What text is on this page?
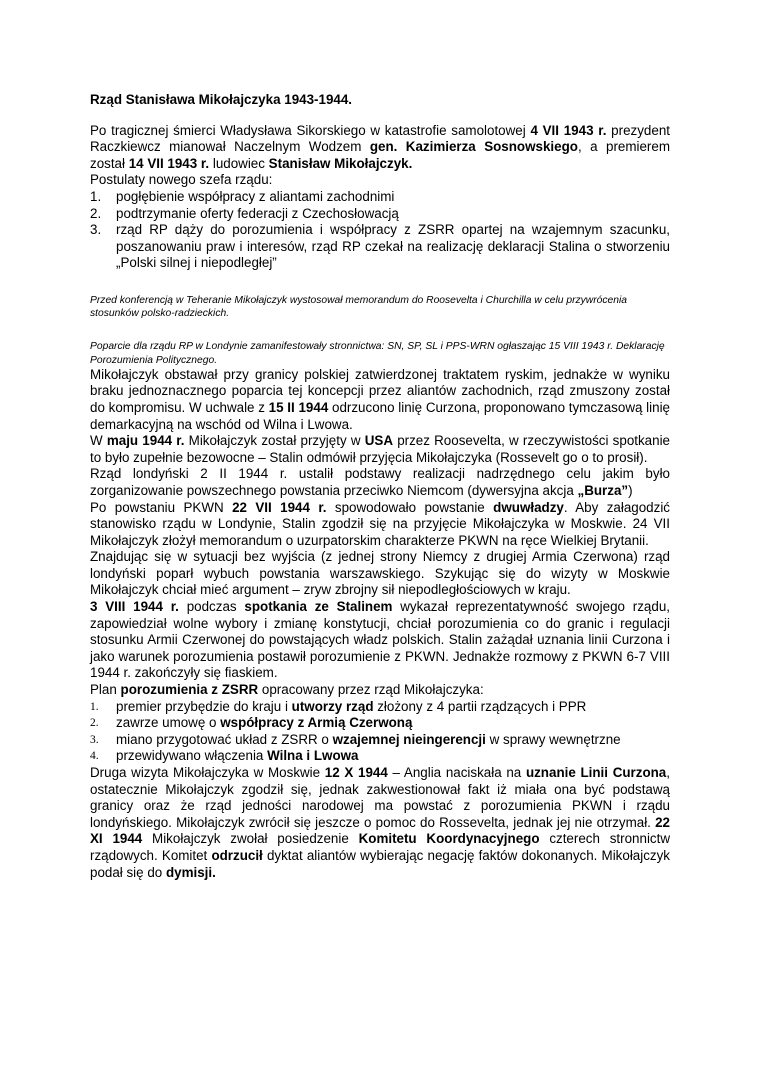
Rząd Stanisława Mikołajczyka 1943-1944.

Po tragicznej śmierci Władysława Sikorskiego w katastrofie samolotowej 4 VII 1943 r. prezydent Raczkiewcz mianował Naczelnym Wodzem gen. Kazimierza Sosnowskiego, a premierem został 14 VII 1943 r. ludowiec Stanisław Mikołajczyk.

Postulaty nowego szefa rządu:

1.	pogłębienie współpracy z aliantami zachodnimi
2.	podtrzymanie oferty federacji z Czechosłowacją
3.	rząd RP dąży do porozumienia i współpracy z ZSRR opartej na wzajemnym szacunku, poszanowaniu praw i interesów, rząd RP czekał na realizację deklaracji Stalina o stworzeniu „Polski silnej i niepodległej”

Przed konferencją w Teheranie Mikołajczyk wystosował memorandum do Roosevelta i Churchilla w celu przywrócenia stosunków polsko-radzieckich.

Poparcie dla rządu RP w Londynie zamanifestowały stronnictwa: SN, SP, SL i PPS-WRN ogłaszając 15 VIII 1943 r. Deklarację Porozumienia Politycznego.

Mikołajczyk obstawał przy granicy polskiej zatwierdzonej traktatem ryskim, jednakże w wyniku braku jednoznacznego poparcia tej koncepcji przez aliantów zachodnich, rząd zmuszony został do kompromisu. W uchwale z 15 II 1944 odrzucono linię Curzona, proponowano tymczasową linię demarkacyjną na wschód od Wilna i Lwowa.

W maju 1944 r. Mikołajczyk został przyjęty w USA przez Roosevelta, w rzeczywistości spotkanie to było zupełnie bezowocne – Stalin odmówił przyjęcia Mikołajczyka (Rossevelt go o to prosił).

Rząd londyński 2 II 1944 r. ustalił podstawy realizacji nadrzędnego celu jakim było zorganizowanie powszechnego powstania przeciwko Niemcom (dywersyjna akcja „Burza”)

Po powstaniu PKWN 22 VII 1944 r. spowodowało powstanie dwuwładzy. Aby załagodzić stanowisko rządu w Londynie, Stalin zgodził się na przyjęcie Mikołajczyka w Moskwie. 24 VII Mikołajczyk złożył memorandum o uzurpatorskim charakterze PKWN na ręce Wielkiej Brytanii.

Znajdując się w sytuacji bez wyjścia (z jednej strony Niemcy z drugiej Armia Czerwona) rząd londyński poparł wybuch powstania warszawskiego. Szykując się do wizyty w Moskwie Mikołajczyk chciał mieć argument – zryw zbrojny sił niepodległościowych w kraju.

3 VIII 1944 r. podczas spotkania ze Stalinem wykazał reprezentatywność swojego rządu, zapowiedział wolne wybory i zmianę konstytucji, chciał porozumienia co do granic i regulacji stosunku Armii Czerwonej do powstających władz polskich. Stalin zażądał uznania linii Curzona i jako warunek porozumienia postawił porozumienie z PKWN. Jednakże rozmowy z PKWN 6-7 VIII 1944 r. zakończyły się fiaskiem.

Plan porozumienia z ZSRR opracowany przez rząd Mikołajczyka:

1.	premier przybędzie do kraju i utworzy rząd złożony z 4 partii rządzących i PPR
2.	zawrze umowę o współpracy z Armią Czerwoną
3.	miano przygotować układ z ZSRR o wzajemnej nieingerencji w sprawy wewnętrzne
4.	przewidywano włączenia Wilna i Lwowa

Druga wizyta Mikołajczyka w Moskwie 12 X 1944 – Anglia naciskała na uznanie Linii Curzona, ostatecznie Mikołajczyk zgodził się, jednak zakwestionował fakt iż miała ona być podstawą granicy oraz że rząd jedności narodowej ma powstać z porozumienia PKWN i rządu londyńskiego. Mikołajczyk zwrócił się jeszcze o pomoc do Rossevelta, jednak jej nie otrzymał. 22 XI 1944 Mikołajczyk zwołał posiedzenie Komitetu Koordynacyjnego czterech stronnictw rządowych. Komitet odrzucił dyktat aliantów wybierając negację faktów dokonanych. Mikołajczyk podał się do dymisji.
